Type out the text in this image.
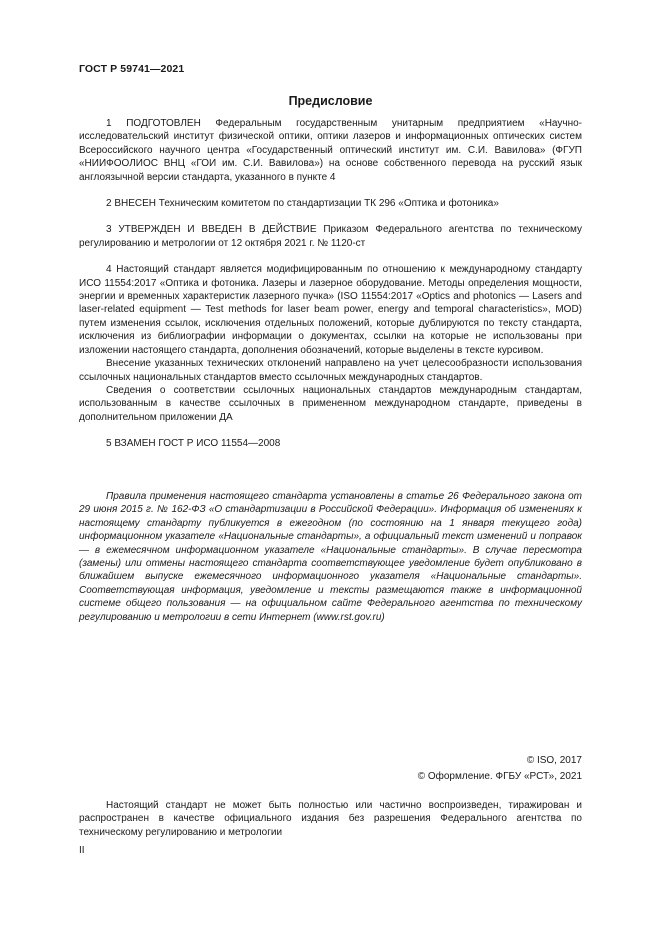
ГОСТ Р 59741—2021
Предисловие

1 ПОДГОТОВЛЕН Федеральным государственным унитарным предприятием «Научно-исследовательский институт физической оптики, оптики лазеров и информационных оптических систем Всероссийского научного центра «Государственный оптический институт им. С.И. Вавилова» (ФГУП «НИИФООЛИОС ВНЦ «ГОИ им. С.И. Вавилова») на основе собственного перевода на русский язык англоязычной версии стандарта, указанного в пункте 4

2 ВНЕСЕН Техническим комитетом по стандартизации ТК 296 «Оптика и фотоника»

3 УТВЕРЖДЕН И ВВЕДЕН В ДЕЙСТВИЕ Приказом Федерального агентства по техническому регулированию и метрологии от 12 октября 2021 г. № 1120-ст

4 Настоящий стандарт является модифицированным по отношению к международному стандарту ИСО 11554:2017 «Оптика и фотоника. Лазеры и лазерное оборудование. Методы определения мощности, энергии и временных характеристик лазерного пучка» (ISO 11554:2017 «Optics and photonics — Lasers and laser-related equipment — Test methods for laser beam power, energy and temporal characteristics», MOD) путем изменения ссылок, исключения отдельных положений, которые дублируются по тексту стандарта, исключения из библиографии информации о документах, ссылки на которые не использованы при изложении настоящего стандарта, дополнения обозначений, которые выделены в тексте курсивом.

Внесение указанных технических отклонений направлено на учет целесообразности использования ссылочных национальных стандартов вместо ссылочных международных стандартов.

Сведения о соответствии ссылочных национальных стандартов международным стандартам, использованным в качестве ссылочных в примененном международном стандарте, приведены в дополнительном приложении ДА

5 ВЗАМЕН ГОСТ Р ИСО 11554—2008

Правила применения настоящего стандарта установлены в статье 26 Федерального закона от 29 июня 2015 г. № 162-ФЗ «О стандартизации в Российской Федерации». Информация об изменениях к настоящему стандарту публикуется в ежегодном (по состоянию на 1 января текущего года) информационном указателе «Национальные стандарты», а официальный текст изменений и поправок — в ежемесячном информационном указателе «Национальные стандарты». В случае пересмотра (замены) или отмены настоящего стандарта соответствующее уведомление будет опубликовано в ближайшем выпуске ежемесячного информационного указателя «Национальные стандарты». Соответствующая информация, уведомление и тексты размещаются также в информационной системе общего пользования — на официальном сайте Федерального агентства по техническому регулированию и метрологии в сети Интернет (www.rst.gov.ru)

© ISO, 2017
© Оформление. ФГБУ «РСТ», 2021

Настоящий стандарт не может быть полностью или частично воспроизведен, тиражирован и распространен в качестве официального издания без разрешения Федерального агентства по техническому регулированию и метрологии

II
